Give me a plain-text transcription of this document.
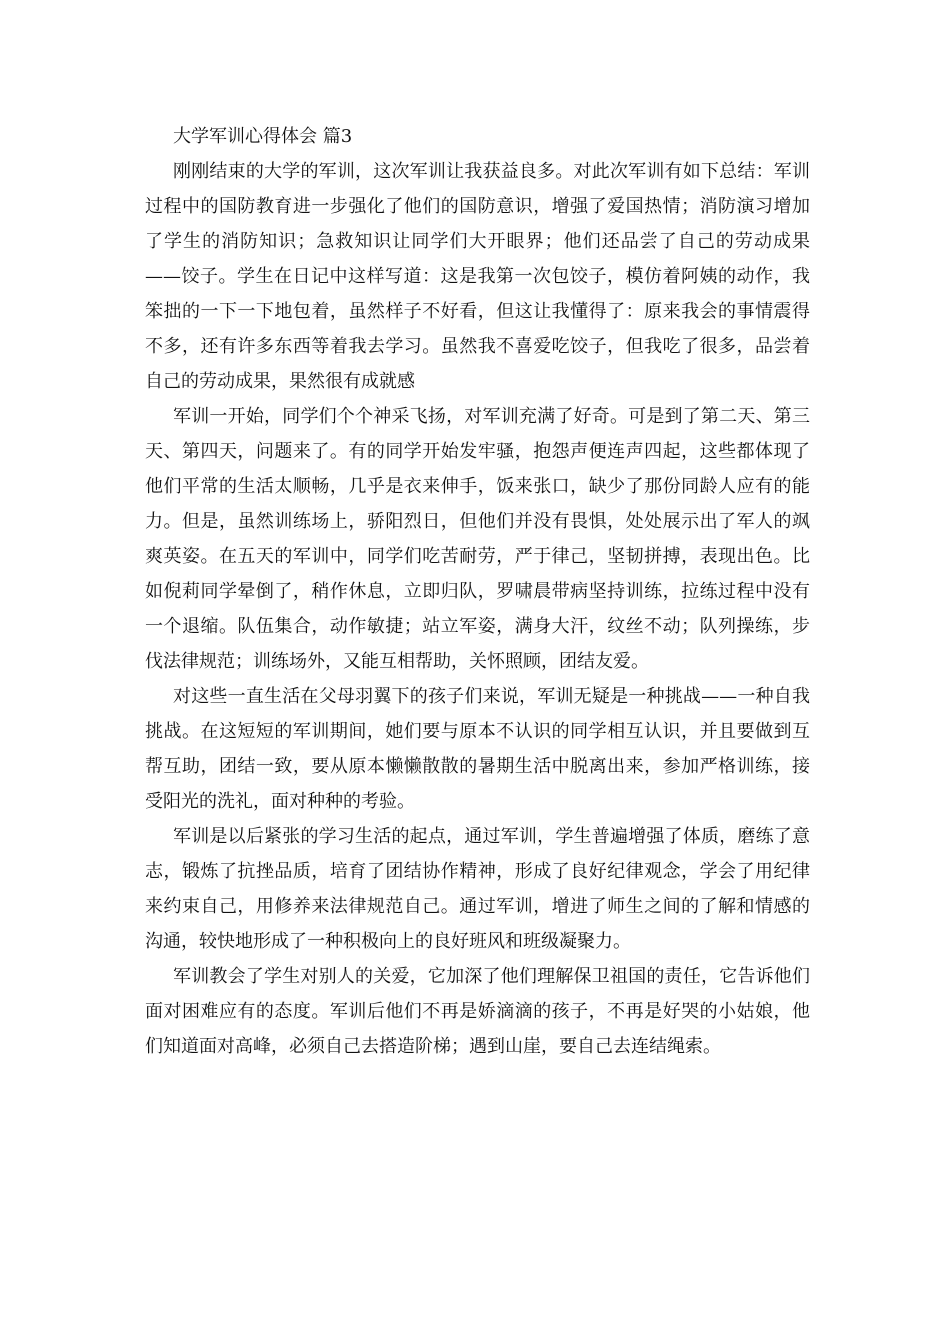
大学军训心得体会 篇3

刚刚结束的大学的军训，这次军训让我获益良多。对此次军训有如下总结：军训过程中的国防教育进一步强化了他们的国防意识，增强了爱国热情；消防演习增加了学生的消防知识；急救知识让同学们大开眼界；他们还品尝了自己的劳动成果——饺子。学生在日记中这样写道：这是我第一次包饺子，模仿着阿姨的动作，我笨拙的一下一下地包着，虽然样子不好看，但这让我懂得了：原来我会的事情震得不多，还有许多东西等着我去学习。虽然我不喜爱吃饺子，但我吃了很多，品尝着自己的劳动成果，果然很有成就感

军训一开始，同学们个个神采飞扬，对军训充满了好奇。可是到了第二天、第三天、第四天，问题来了。有的同学开始发牢骚，抱怨声便连声四起，这些都体现了他们平常的生活太顺畅，几乎是衣来伸手，饭来张口，缺少了那份同龄人应有的能力。但是，虽然训练场上，骄阳烈日，但他们并没有畏惧，处处展示出了军人的飒爽英姿。在五天的军训中，同学们吃苦耐劳，严于律己，坚韧拼搏，表现出色。比如倪莉同学晕倒了，稍作休息，立即归队，罗啸晨带病坚持训练，拉练过程中没有一个退缩。队伍集合，动作敏捷；站立军姿，满身大汗，纹丝不动；队列操练，步伐法律规范；训练场外，又能互相帮助，关怀照顾，团结友爱。

对这些一直生活在父母羽翼下的孩子们来说，军训无疑是一种挑战——一种自我挑战。在这短短的军训期间，她们要与原本不认识的同学相互认识，并且要做到互帮互助，团结一致，要从原本懒懒散散的暑期生活中脱离出来，参加严格训练，接受阳光的洗礼，面对种种的考验。

军训是以后紧张的学习生活的起点，通过军训，学生普遍增强了体质，磨练了意志，锻炼了抗挫品质，培育了团结协作精神，形成了良好纪律观念，学会了用纪律来约束自己，用修养来法律规范自己。通过军训，增进了师生之间的了解和情感的沟通，较快地形成了一种积极向上的良好班风和班级凝聚力。

军训教会了学生对别人的关爱，它加深了他们理解保卫祖国的责任，它告诉他们面对困难应有的态度。军训后他们不再是娇滴滴的孩子，不再是好哭的小姑娘，他们知道面对高峰，必须自己去搭造阶梯；遇到山崖，要自己去连结绳索。
